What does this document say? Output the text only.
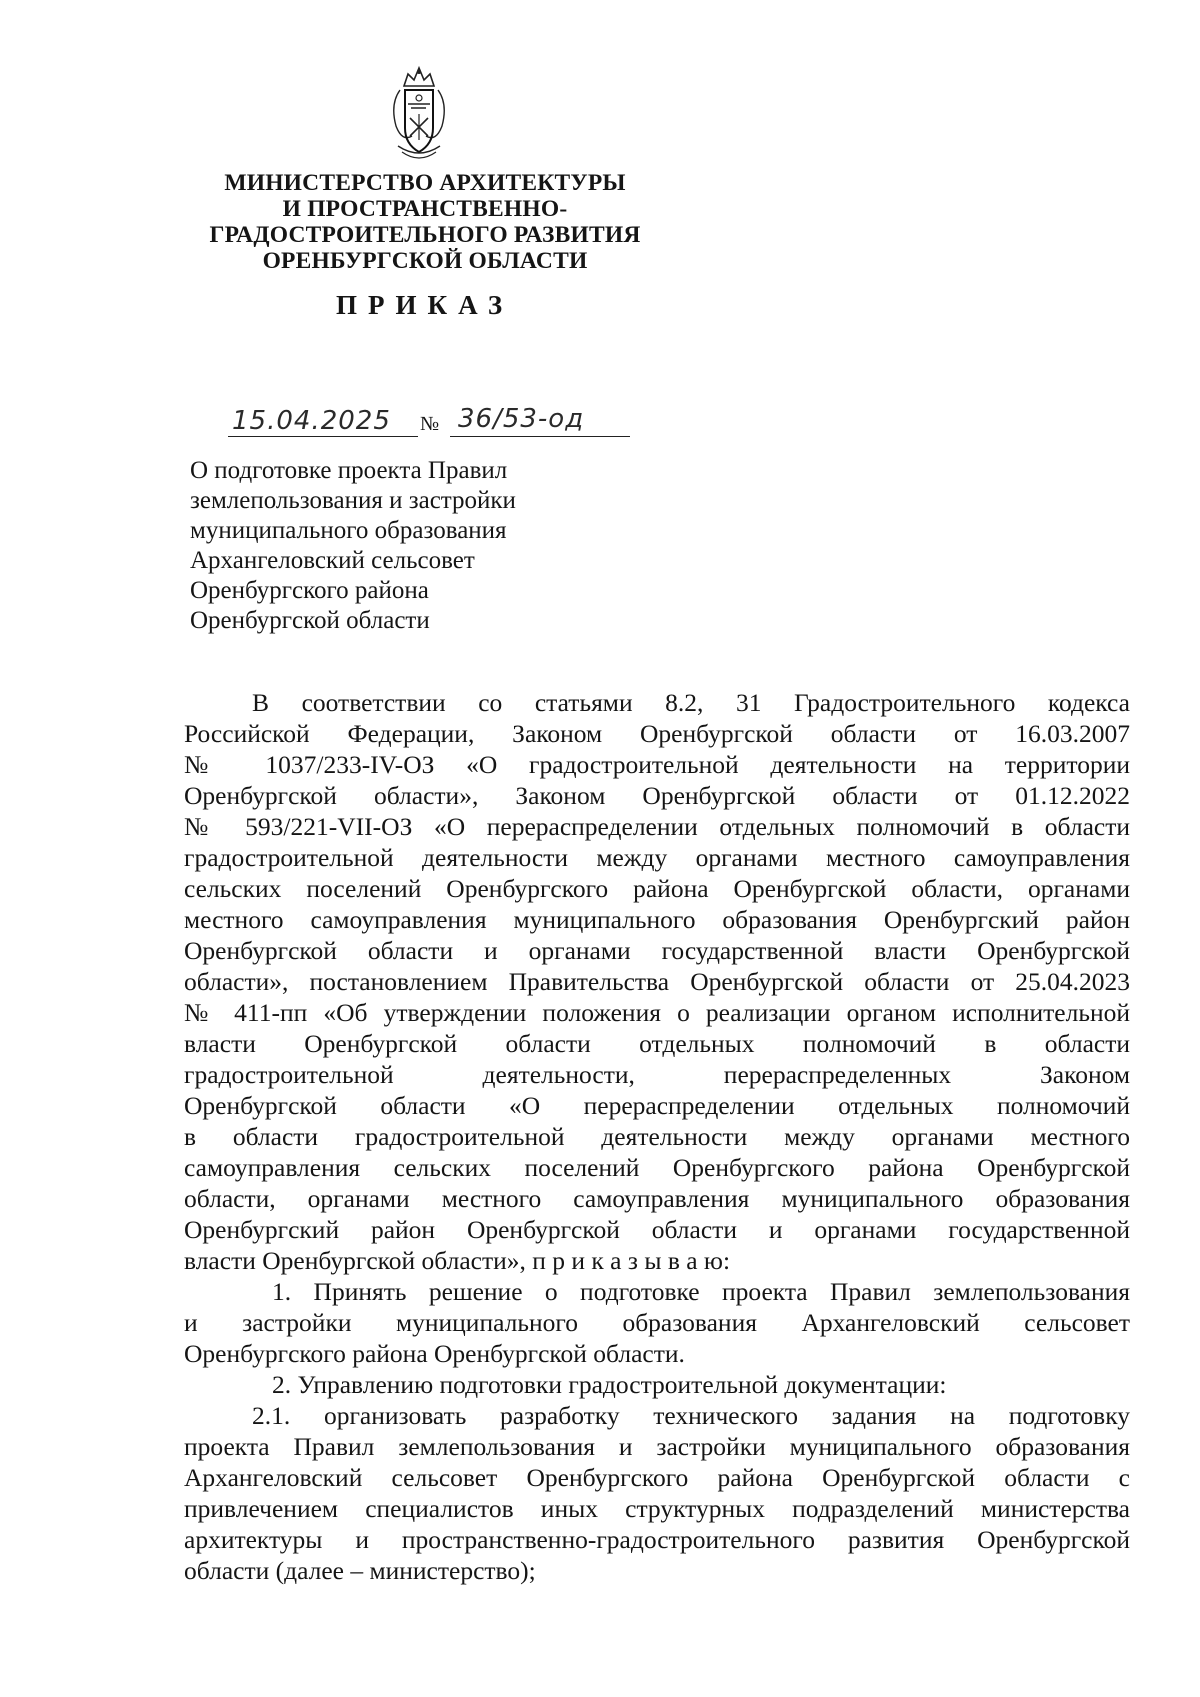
МИНИСТЕРСТВО АРХИТЕКТУРЫ
И ПРОСТРАНСТВЕННО-
ГРАДОСТРОИТЕЛЬНОГО РАЗВИТИЯ
ОРЕНБУРГСКОЙ ОБЛАСТИ
ПРИКАЗ
15.04.2025 № 36/53-од
О подготовке проекта Правил
землепользования и застройки
муниципального образования
Архангеловский сельсовет
Оренбургского района
Оренбургской области
В соответствии со статьями 8.2, 31 Градостроительного кодекса
Российской Федерации, Законом Оренбургской области от 16.03.2007
№ 1037/233-IV-ОЗ «О градостроительной деятельности на территории
Оренбургской области», Законом Оренбургской области от 01.12.2022
№ 593/221-VII-ОЗ «О перераспределении отдельных полномочий в области
градостроительной деятельности между органами местного самоуправления
сельских поселений Оренбургского района Оренбургской области, органами
местного самоуправления муниципального образования Оренбургский район
Оренбургской области и органами государственной власти Оренбургской
области», постановлением Правительства Оренбургской области от 25.04.2023
№ 411-пп «Об утверждении положения о реализации органом исполнительной
власти Оренбургской области отдельных полномочий в области
градостроительной деятельности, перераспределенных Законом
Оренбургской области «О перераспределении отдельных полномочий
в области градостроительной деятельности между органами местного
самоуправления сельских поселений Оренбургского района Оренбургской
области, органами местного самоуправления муниципального образования
Оренбургский район Оренбургской области и органами государственной
власти Оренбургской области», п р и к а з ы в а ю:
1. Принять решение о подготовке проекта Правил землепользования
и застройки муниципального образования Архангеловский сельсовет
Оренбургского района Оренбургской области.
2. Управлению подготовки градостроительной документации:
2.1. организовать разработку технического задания на подготовку
проекта Правил землепользования и застройки муниципального образования
Архангеловский сельсовет Оренбургского района Оренбургской области с
привлечением специалистов иных структурных подразделений министерства
архитектуры и пространственно-градостроительного развития Оренбургской
области (далее – министерство);
